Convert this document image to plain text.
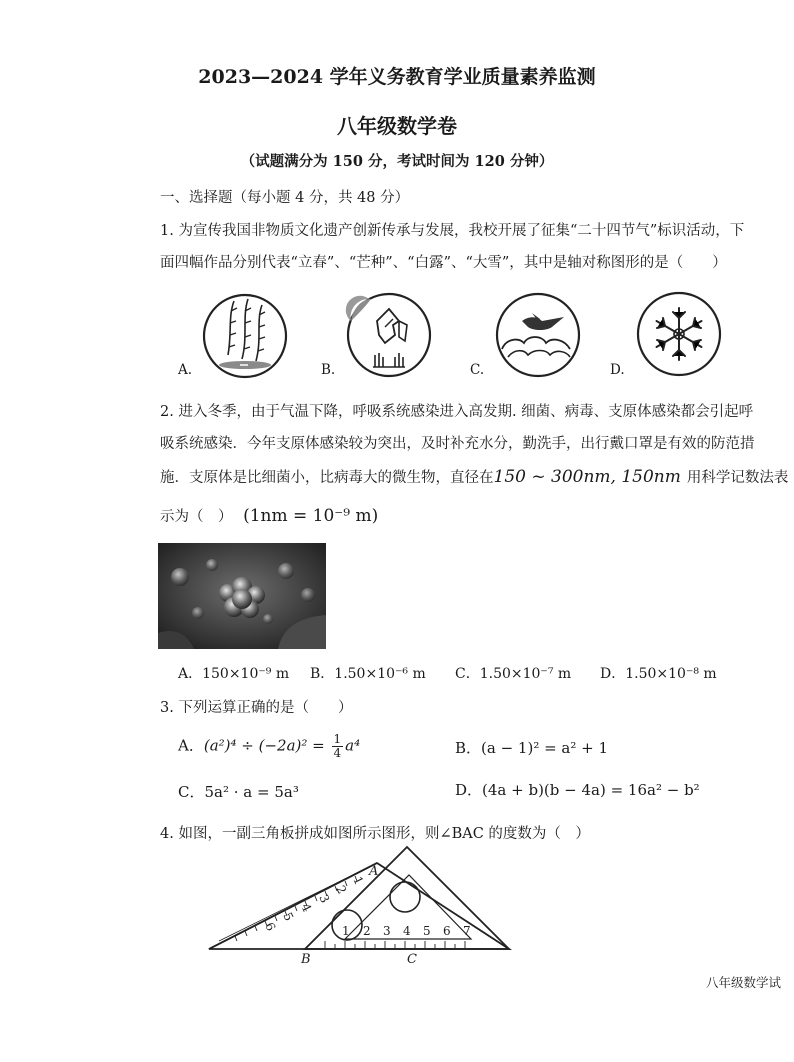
2023—2024 学年义务教育学业质量素养监测
八年级数学卷
（试题满分为 150 分，考试时间为 120 分钟）
一、选择题（每小题 4 分，共 48 分）
1. 为宣传我国非物质文化遗产创新传承与发展，我校开展了征集“二十四节气”标识活动，下
面四幅作品分别代表“立春”、“芒种”、“白露”、“大雪”，其中是轴对称图形的是（　　）
A.	B.	C.	D.
2. 进入冬季，由于气温下降，呼吸系统感染进入高发期. 细菌、病毒、支原体感染都会引起呼
吸系统感染．今年支原体感染较为突出，及时补充水分，勤洗手，出行戴口罩是有效的防范措
施．支原体是比细菌小，比病毒大的微生物，直径在150 ~ 300nm, 150nm 用科学记数法表
示为（　） (1nm = 10⁻⁹ m)
A．150×10⁻⁹ m B．1.50×10⁻⁶ m C．1.50×10⁻⁷ m D．1.50×10⁻⁸ m
3. 下列运算正确的是（　　）
A．$(a^2)^4 \div (-2a)^2 = \frac{1}{4} a^4$	B．(a − 1)² = a² + 1
C．5a² · a = 5a³	D．(4a + b)(b − 4a) = 16a² − b²
4. 如图，一副三角板拼成如图所示图形，则∠BAC 的度数为（　）
1
2
3
4
5
6	1 2 3 4 5 6 7
A
B	C
八年级数学试
